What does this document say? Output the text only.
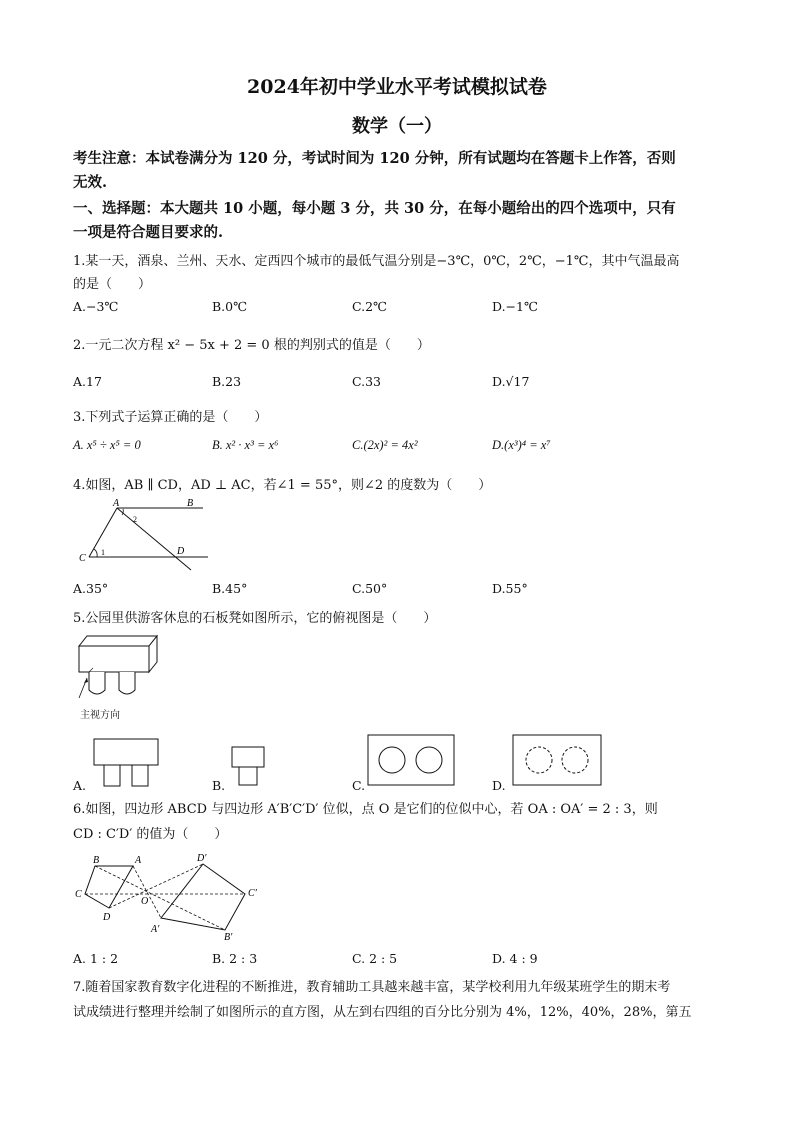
2024年初中学业水平考试模拟试卷
数学（一）
考生注意：本试卷满分为 120 分，考试时间为 120 分钟，所有试题均在答题卡上作答，否则
无效.
一、选择题：本大题共 10 小题，每小题 3 分，共 30 分，在每小题给出的四个选项中，只有
一项是符合题目要求的.
1.某一天，酒泉、兰州、天水、定西四个城市的最低气温分别是−3℃，0℃，2℃，−1℃，其中气温最高
的是（　　）
A.−3℃	B.0℃	C.2℃	D.−1℃
2.一元二次方程 x² − 5x + 2 = 0 根的判别式的值是（　　）
A.17	B.23	C.33	D.√17
3.下列式子运算正确的是（　　）
A. x⁵ ÷ x⁵ = 0	B. x² · x³ = x⁶	C.(2x)² = 4x²	D.(x³)⁴ = x⁷
4.如图，AB ∥ CD，AD ⊥ AC，若∠1 = 55°，则∠2 的度数为（　　）
A	B
C
D
1
2
A.35°	B.45°	C.50°	D.55°
5.公园里供游客休息的石板凳如图所示，它的俯视图是（　　）
主视方向
A.	B.	C.	D.
6.如图，四边形 ABCD 与四边形 A′B′C′D′ 位似，点 O 是它们的位似中心，若 OA : OA′ = 2 : 3，则
CD : C′D′ 的值为（　　）
B	A
C
D
O
D′
C′
A′
B′
A. 1 : 2	B. 2 : 3	C. 2 : 5	D. 4 : 9
7.随着国家教育数字化进程的不断推进，教育辅助工具越来越丰富，某学校利用九年级某班学生的期末考
试成绩进行整理并绘制了如图所示的直方图，从左到右四组的百分比分别为 4%，12%，40%，28%，第五
